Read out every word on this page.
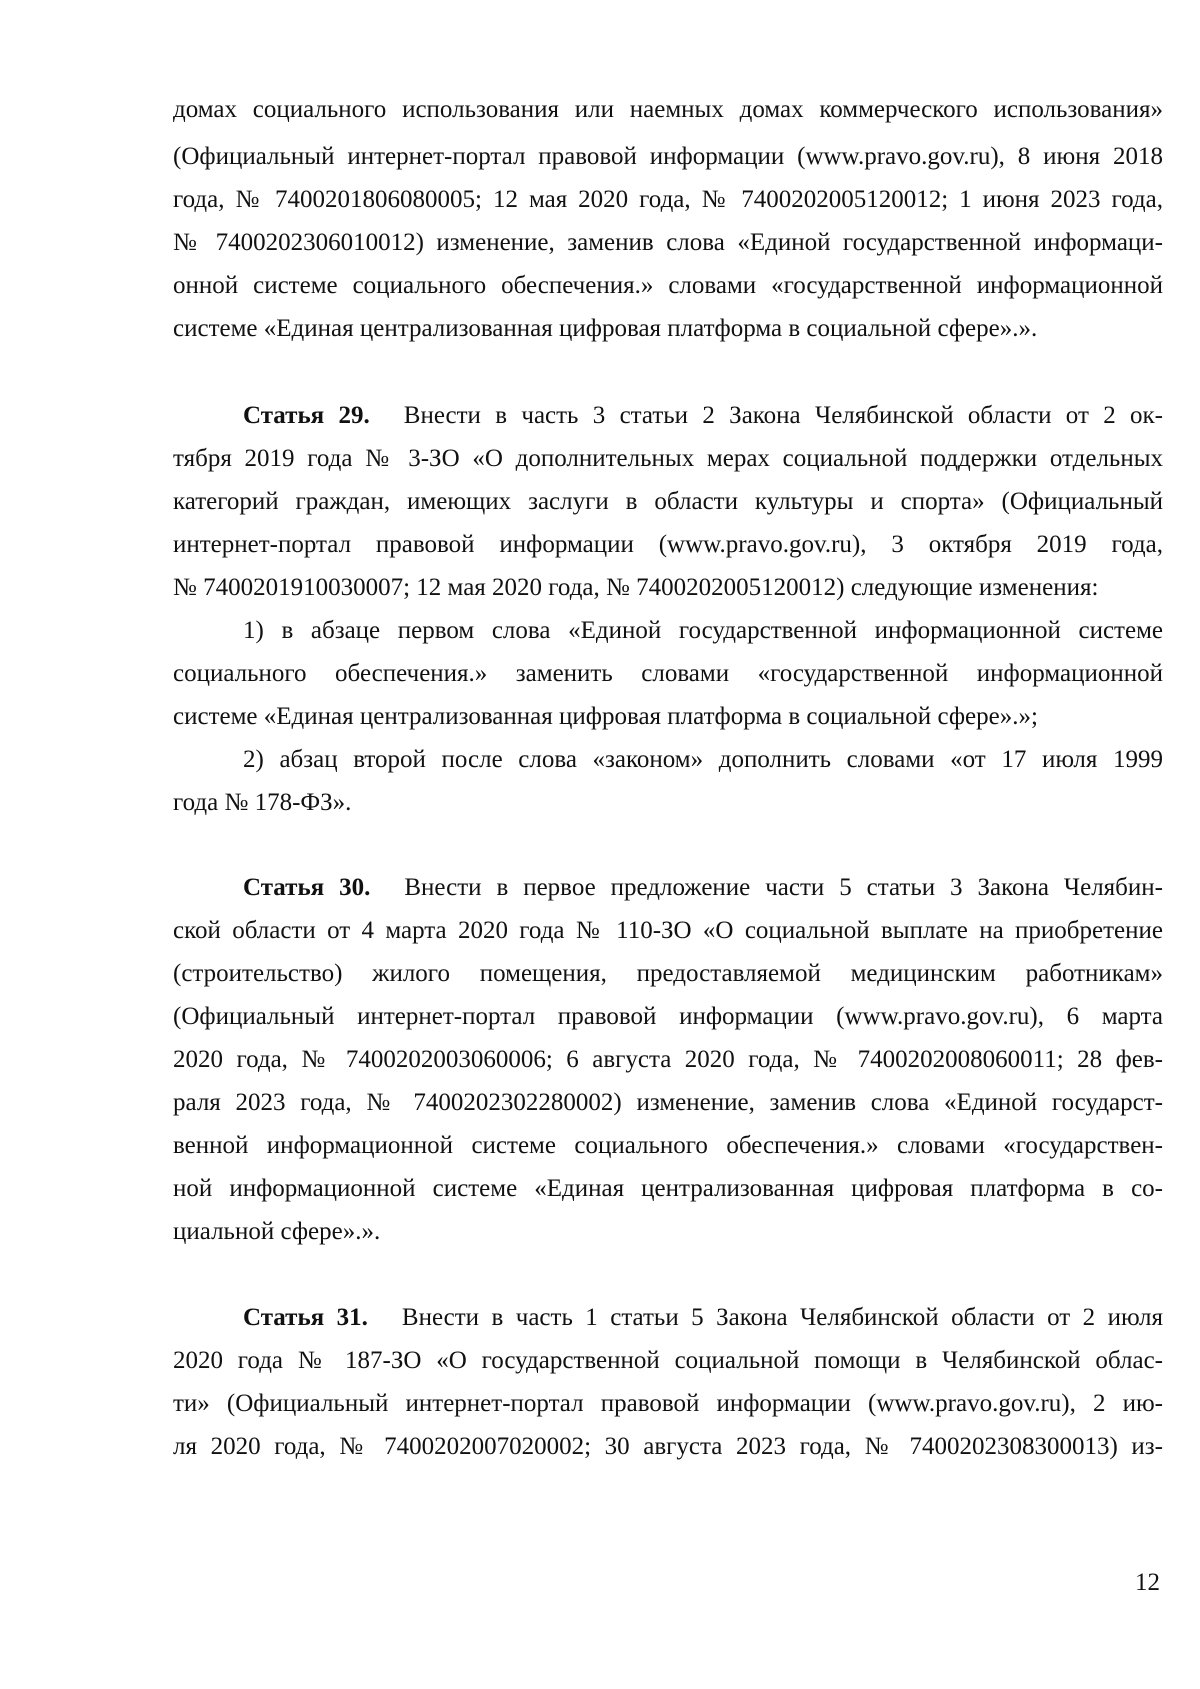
домах социального использования или наемных домах коммерческого использования»
(Официальный интернет-портал правовой информации (www.pravo.gov.ru), 8 июня 2018
года, № 7400201806080005; 12 мая 2020 года, № 7400202005120012; 1 июня 2023 года,
№ 7400202306010012) изменение, заменив слова «Единой государственной информаци-
онной системе социального обеспечения.» словами «государственной информационной
системе «Единая централизованная цифровая платформа в социальной сфере».».
Статья 29. Внести в часть 3 статьи 2 Закона Челябинской области от 2 ок-
тября 2019 года № 3-ЗО «О дополнительных мерах социальной поддержки отдельных
категорий граждан, имеющих заслуги в области культуры и спорта» (Официальный
интернет-портал правовой информации (www.pravo.gov.ru), 3 октября 2019 года,
№ 7400201910030007; 12 мая 2020 года, № 7400202005120012) следующие изменения:
1) в абзаце первом слова «Единой государственной информационной системе
социального обеспечения.» заменить словами «государственной информационной
системе «Единая централизованная цифровая платформа в социальной сфере».»;
2) абзац второй после слова «законом» дополнить словами «от 17 июля 1999
года № 178-ФЗ».
Статья 30. Внести в первое предложение части 5 статьи 3 Закона Челябин-
ской области от 4 марта 2020 года № 110-ЗО «О социальной выплате на приобретение
(строительство) жилого помещения, предоставляемой медицинским работникам»
(Официальный интернет-портал правовой информации (www.pravo.gov.ru), 6 марта
2020 года, № 7400202003060006; 6 августа 2020 года, № 7400202008060011; 28 фев-
раля 2023 года, № 7400202302280002) изменение, заменив слова «Единой государст-
венной информационной системе социального обеспечения.» словами «государствен-
ной информационной системе «Единая централизованная цифровая платформа в со-
циальной сфере».».
Статья 31. Внести в часть 1 статьи 5 Закона Челябинской области от 2 июля
2020 года № 187-ЗО «О государственной социальной помощи в Челябинской облас-
ти» (Официальный интернет-портал правовой информации (www.pravo.gov.ru), 2 ию-
ля 2020 года, № 7400202007020002; 30 августа 2023 года, № 7400202308300013) из-
12
